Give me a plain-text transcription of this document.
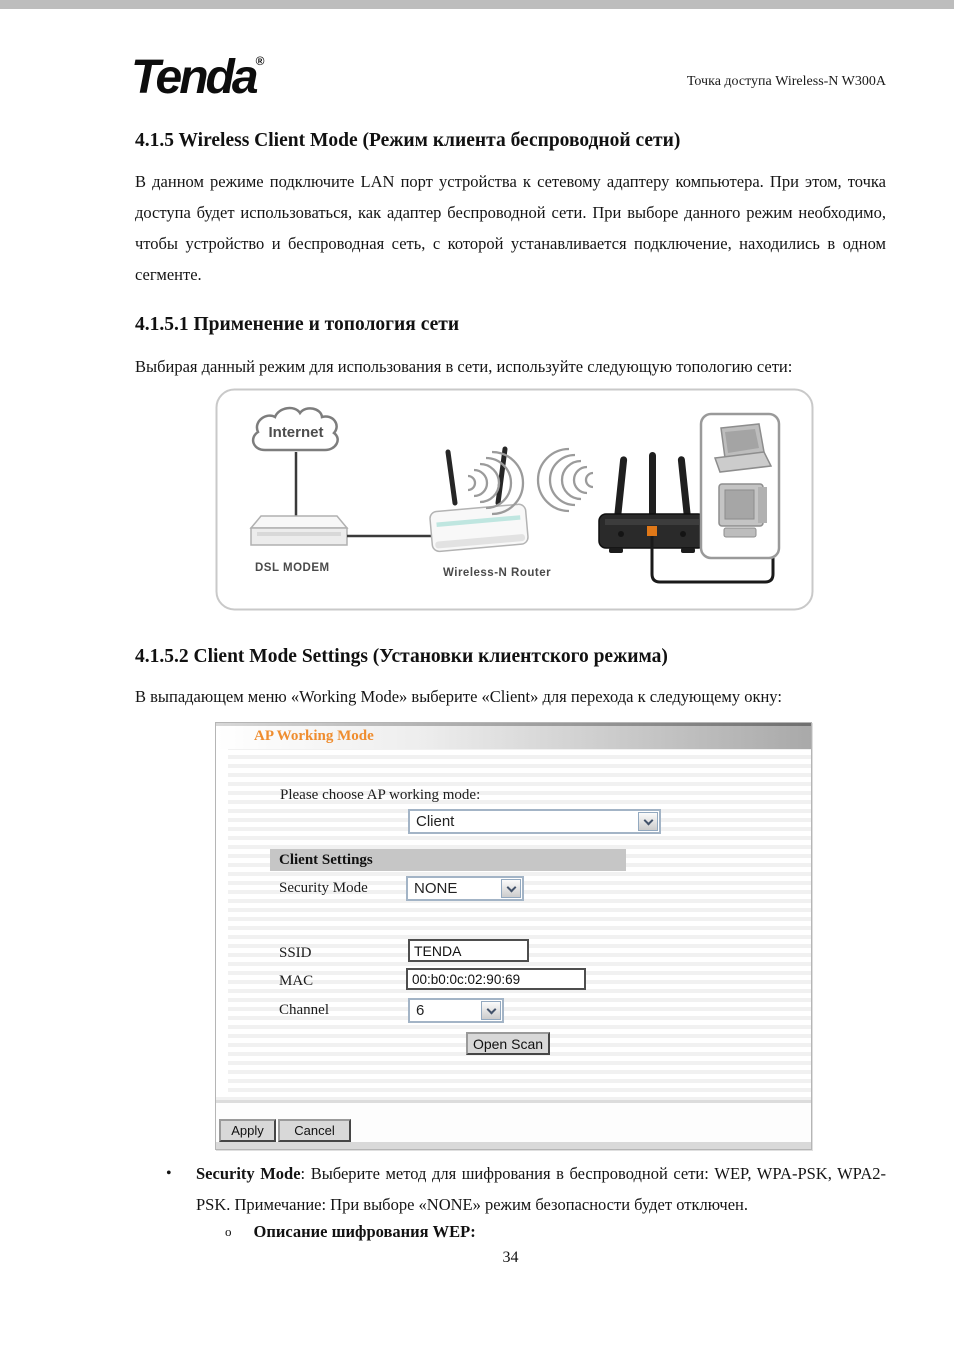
Tenda®
Точка доступа Wireless-N W300A
4.1.5 Wireless Client Mode (Режим клиента беспроводной сети)

В данном режиме подключите LAN порт устройства к сетевому адаптеру компьютера. При этом, точка доступа будет использоваться, как адаптер беспроводной сети. При выборе данного режим необходимо, чтобы устройство и беспроводная сеть, с которой устанавливается подключение, находились в одном сегменте.

4.1.5.1 Применение и топология сети

Выбирая данный режим для использования в сети, используйте следующую топологию сети:

Internet
DSL MODEM	Wireless-N Router
4.1.5.2 Client Mode Settings (Установки клиентского режима)

В выпадающем меню «Working Mode» выберите «Client» для перехода к следующему окну:

AP Working Mode
Please choose AP working mode:
Client
Client Settings
Security Mode	NONE
SSID
TENDA
MAC
00:b0:0c:02:90:69
Channel	6
Open Scan
Apply	Cancel
• Security Mode: Выберите метод для шифрования в беспроводной сети: WEP, WPA-PSK, WPA2-PSK. Примечание: При выборе «NONE» режим безопасности будет отключен.
o Описание шифрования WEP:
34
